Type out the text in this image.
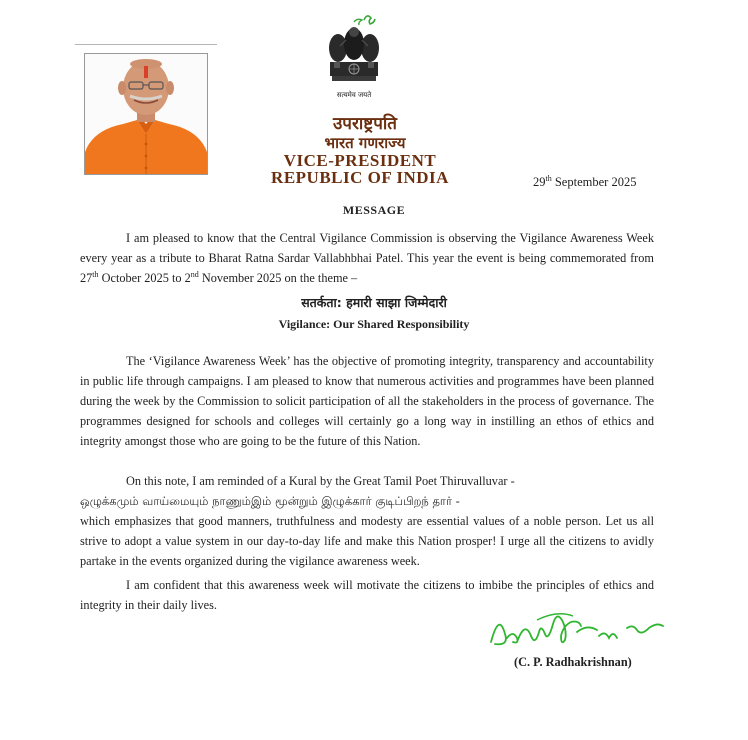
सत्यमेव जयते
उपराष्ट्रपति
भारत गणराज्य
VICE-PRESIDENT
REPUBLIC OF INDIA	29th September 2025
MESSAGE

I am pleased to know that the Central Vigilance Commission is observing the Vigilance Awareness Week every year as a tribute to Bharat Ratna Sardar Vallabhbhai Patel. This year the event is being commemorated from 27th October 2025 to 2nd November 2025 on the theme –

सतर्कता: हमारी साझा जिम्मेदारी
Vigilance: Our Shared Responsibility

The ‘Vigilance Awareness Week’ has the objective of promoting integrity, transparency and accountability in public life through campaigns. I am pleased to know that numerous activities and programmes have been planned during the week by the Commission to solicit participation of all the stakeholders in the process of governance. The programmes designed for schools and colleges will certainly go a long way in instilling an ethos of ethics and integrity amongst those who are going to be the future of this Nation.

On this note, I am reminded of a Kural by the Great Tamil Poet Thiruvalluvar -
ஒழுக்கமும் வாய்மையும் நாணும்இம் மூன்றும் இழுக்கார் குடிப்பிறந் தார் -
which emphasizes that good manners, truthfulness and modesty are essential values of a noble person. Let us all strive to adopt a value system in our day-to-day life and make this Nation prosper! I urge all the citizens to avidly partake in the events organized during the vigilance awareness week.

I am confident that this awareness week will motivate the citizens to imbibe the principles of ethics and integrity in their daily lives.

(C. P. Radhakrishnan)
